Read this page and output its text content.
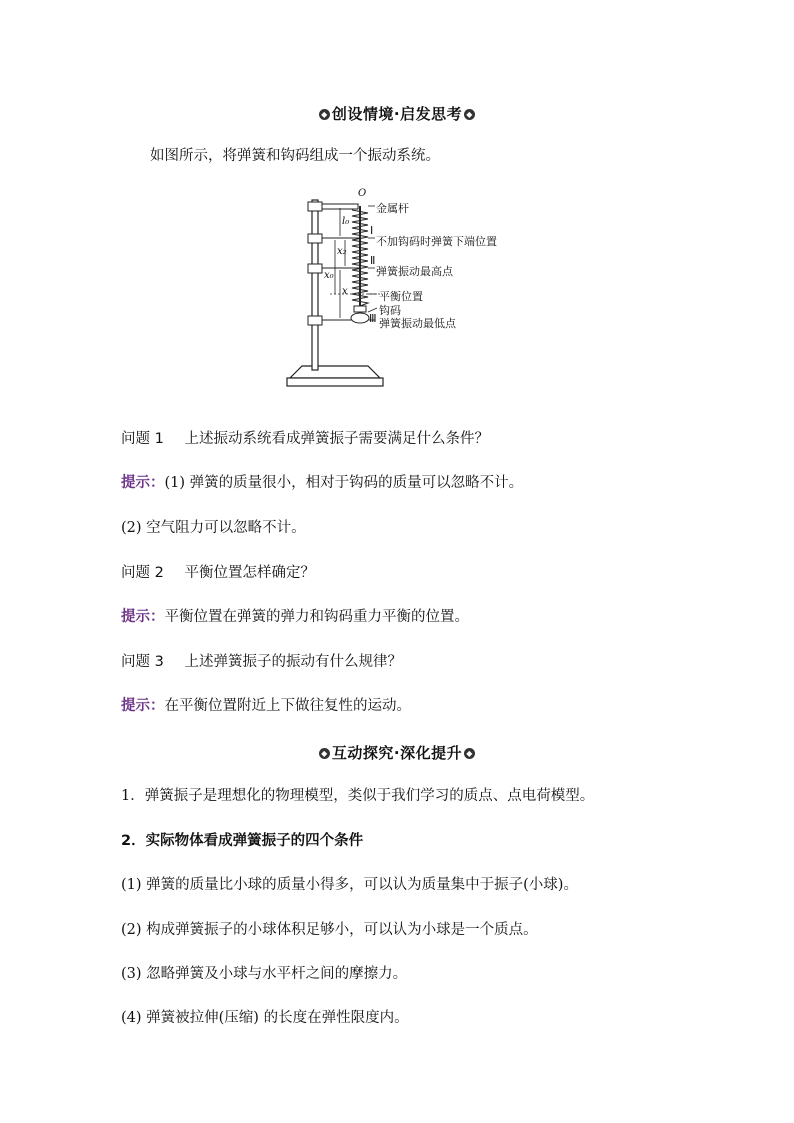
◆ 创设情境·启发思考 ◆
如图所示，将弹簧和钩码组成一个振动系统。
O
金属杆
Ⅰ
不加钩码时弹簧下端位置
Ⅱ
弹簧振动最高点
平衡位置
钩码
Ⅲ 弹簧振动最低点
l₀
x₂
x₀
x
问题 1 上述振动系统看成弹簧振子需要满足什么条件？
提示：(1) 弹簧的质量很小，相对于钩码的质量可以忽略不计。
(2) 空气阻力可以忽略不计。
问题 2 平衡位置怎样确定？
提示：平衡位置在弹簧的弹力和钩码重力平衡的位置。
问题 3 上述弹簧振子的振动有什么规律？
提示：在平衡位置附近上下做往复性的运动。
◆ 互动探究·深化提升 ◆
1．弹簧振子是理想化的物理模型，类似于我们学习的质点、点电荷模型。
2．实际物体看成弹簧振子的四个条件
(1) 弹簧的质量比小球的质量小得多，可以认为质量集中于振子(小球)。
(2) 构成弹簧振子的小球体积足够小，可以认为小球是一个质点。
(3) 忽略弹簧及小球与水平杆之间的摩擦力。
(4) 弹簧被拉伸(压缩) 的长度在弹性限度内。
